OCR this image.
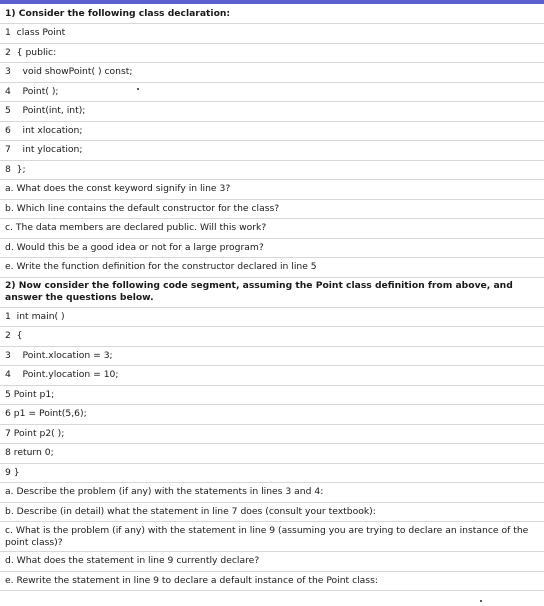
1) Consider the following class declaration:
1  class Point
2  { public:
3    void showPoint( ) const;
4    Point( );
5    Point(int, int);
6    int xlocation;
7    int ylocation;
8  };
a. What does the const keyword signify in line 3?
b. Which line contains the default constructor for the class?
c. The data members are declared public. Will this work?
d. Would this be a good idea or not for a large program?
e. Write the function definition for the constructor declared in line 5
2) Now consider the following code segment, assuming the Point class definition from above, and answer the questions below.
1  int main( )
2  {
3    Point.xlocation = 3;
4    Point.ylocation = 10;
5 Point p1;
6 p1 = Point(5,6);
7 Point p2( );
8 return 0;
9 }
a. Describe the problem (if any) with the statements in lines 3 and 4:
b. Describe (in detail) what the statement in line 7 does (consult your textbook):
c. What is the problem (if any) with the statement in line 9 (assuming you are trying to declare an instance of the point class)?
d. What does the statement in line 9 currently declare?
e. Rewrite the statement in line 9 to declare a default instance of the Point class:
